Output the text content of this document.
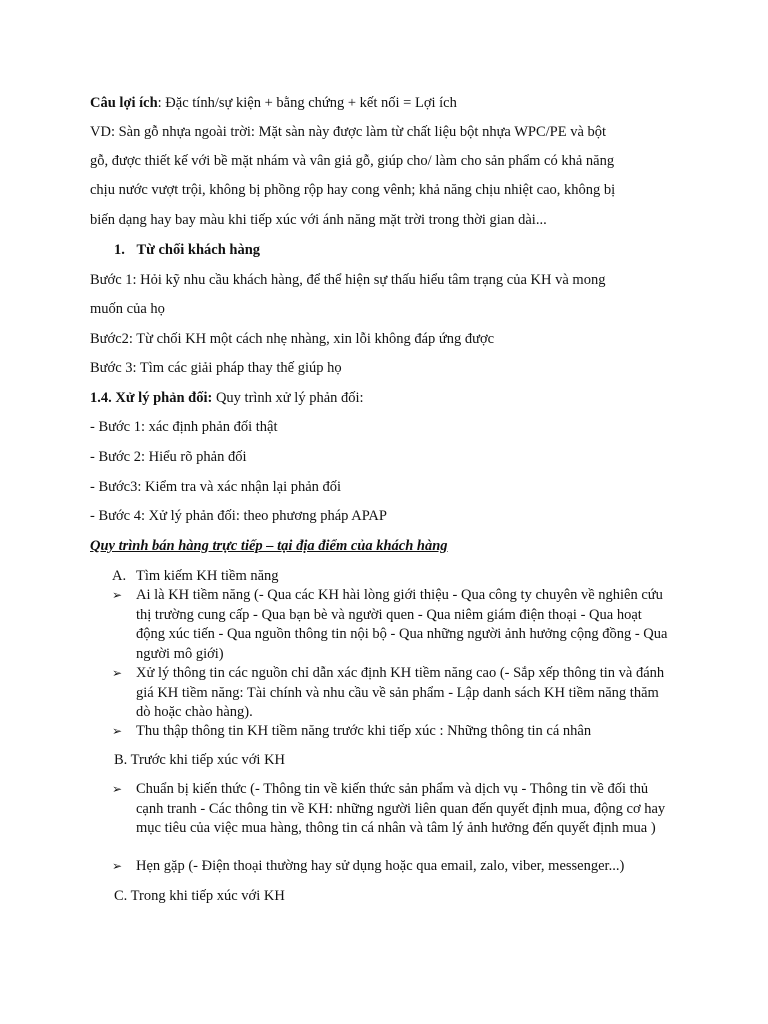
Câu lợi ích: Đặc tính/sự kiện + bằng chứng + kết nối = Lợi ích
VD: Sàn gỗ nhựa ngoài trời: Mặt sàn này được làm từ chất liệu bột nhựa WPC/PE và bột
gỗ, được thiết kế với bề mặt nhám và vân giả gỗ, giúp cho/ làm cho sản phẩm có khả năng
chịu nước vượt trội, không bị phồng rộp hay cong vênh; khả năng chịu nhiệt cao, không bị
biến dạng hay bay màu khi tiếp xúc với ánh năng mặt trời trong thời gian dài...
1. Từ chối khách hàng
Bước 1: Hỏi kỹ nhu cầu khách hàng, để thể hiện sự thấu hiểu tâm trạng của KH và mong
muốn của họ
Bước2: Từ chối KH một cách nhẹ nhàng, xin lỗi không đáp ứng được
Bước 3: Tìm các giải pháp thay thế giúp họ
1.4. Xử lý phản đối: Quy trình xử lý phản đối:
- Bước 1: xác định phản đối thật
- Bước 2: Hiểu rõ phản đối
- Bước3: Kiểm tra và xác nhận lại phản đối
- Bước 4: Xử lý phản đối: theo phương pháp APAP
Quy trình bán hàng trực tiếp – tại địa điểm của khách hàng
A. Tìm kiếm KH tiềm năng
➢ Ai là KH tiềm năng (- Qua các KH hài lòng giới thiệu - Qua công ty chuyên về nghiên cứu thị trường cung cấp - Qua bạn bè và người quen - Qua niêm giám điện thoại - Qua hoạt động xúc tiến - Qua nguồn thông tin nội bộ - Qua những người ảnh hưởng cộng đồng - Qua người mô giới)
➢ Xử lý thông tin các nguồn chỉ dẫn xác định KH tiềm năng cao (- Sắp xếp thông tin và đánh giá KH tiềm năng: Tài chính và nhu cầu về sản phẩm - Lập danh sách KH tiềm năng thăm dò hoặc chào hàng).
➢ Thu thập thông tin KH tiềm năng trước khi tiếp xúc : Những thông tin cá nhân
B. Trước khi tiếp xúc với KH
➢ Chuẩn bị kiến thức (- Thông tin về kiến thức sản phẩm và dịch vụ - Thông tin về đối thủ cạnh tranh - Các thông tin về KH: những người liên quan đến quyết định mua, động cơ hay mục tiêu của việc mua hàng, thông tin cá nhân và tâm lý ảnh hưởng đến quyết định mua )
➢ Hẹn gặp (- Điện thoại thường hay sử dụng hoặc qua email, zalo, viber, messenger...)
C. Trong khi tiếp xúc với KH
